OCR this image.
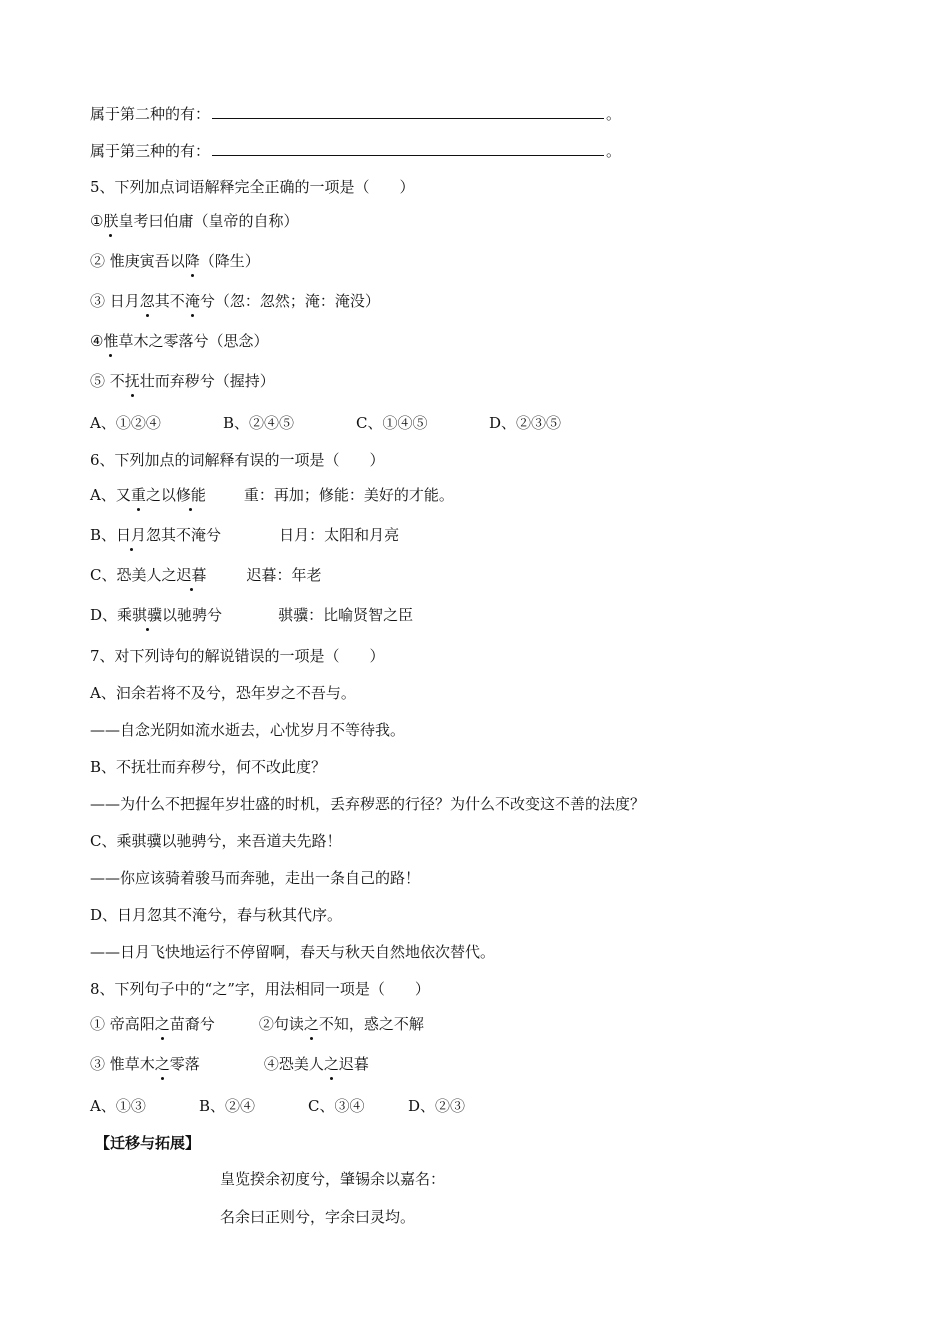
属于第二种的有：	。
属于第三种的有：	。
5、下列加点词语解释完全正确的一项是（　　）
①朕皇考曰伯庸（皇帝的自称）
② 惟庚寅吾以降（降生）
③ 日月忽其不淹兮（忽：忽然；淹：淹没）
④惟草木之零落兮（思念）
⑤ 不抚壮而弃秽兮（握持）
A、①②④	B、②④⑤	C、①④⑤	D、②③⑤
6、下列加点的词解释有误的一项是（　　）
A、又重之以修能	重：再加；修能：美好的才能。
B、日月忽其不淹兮	日月：太阳和月亮
C、恐美人之迟暮	迟暮：年老
D、乘骐骥以驰骋兮	骐骥：比喻贤智之臣
7、对下列诗句的解说错误的一项是（　　）
A、汩余若将不及兮，恐年岁之不吾与。
——自念光阴如流水逝去，心忧岁月不等待我。
B、不抚壮而弃秽兮，何不改此度？
——为什么不把握年岁壮盛的时机，丢弃秽恶的行径？为什么不改变这不善的法度？
C、乘骐骥以驰骋兮，来吾道夫先路！
——你应该骑着骏马而奔驰，走出一条自己的路！
D、日月忽其不淹兮，春与秋其代序。
——日月飞快地运行不停留啊，春天与秋天自然地依次替代。
8、下列句子中的“之”字，用法相同一项是（　　）
① 帝高阳之苗裔兮	②句读之不知，惑之不解
③ 惟草木之零落	④恐美人之迟暮
A、①③	B、②④	C、③④	D、②③
【迁移与拓展】
皇览揆余初度兮，肇锡余以嘉名：
名余曰正则兮，字余曰灵均。
